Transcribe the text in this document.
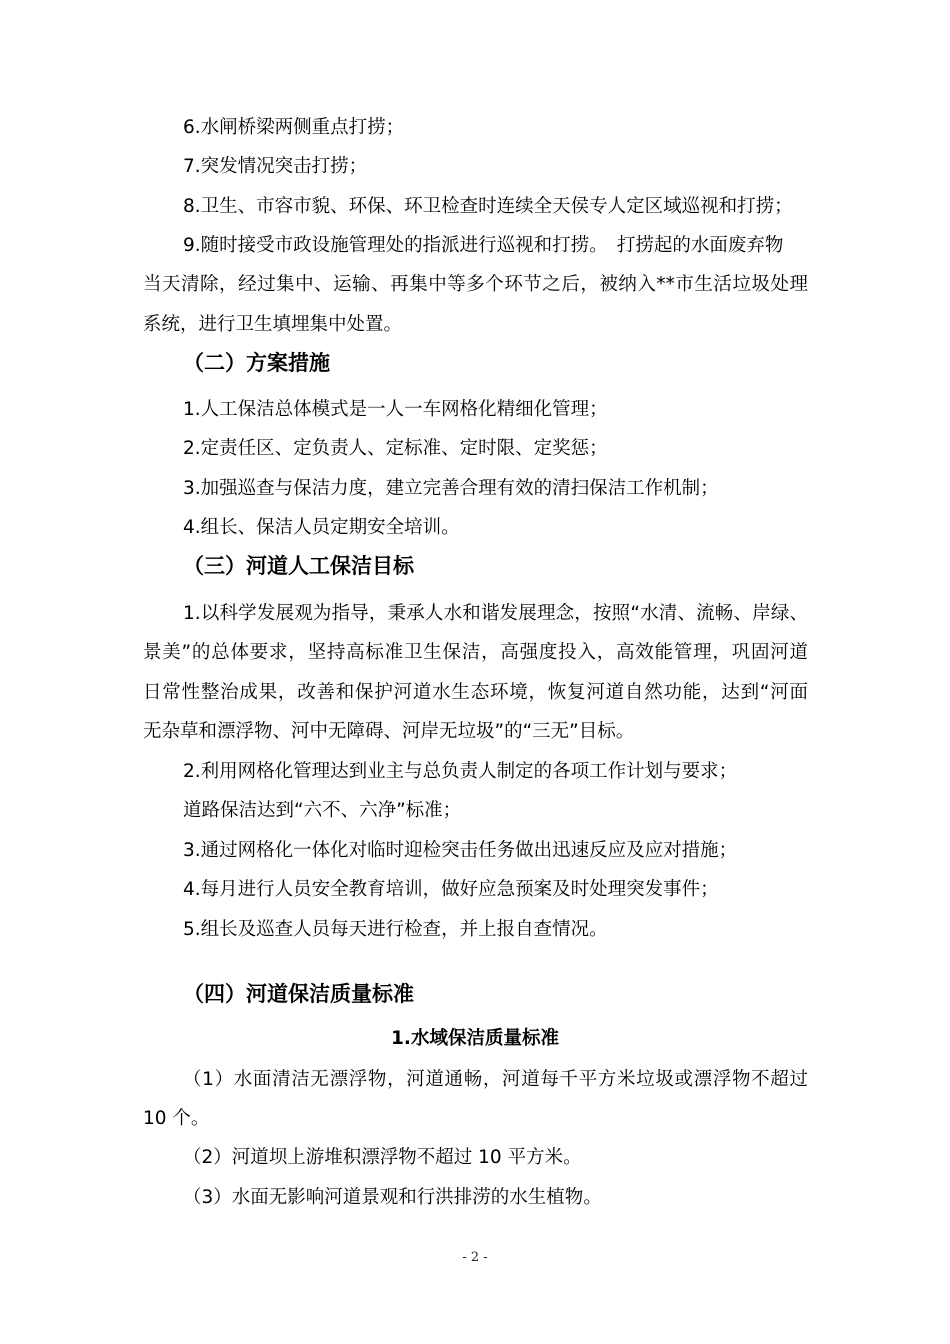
6.水闸桥梁两侧重点打捞；
7.突发情况突击打捞；
8.卫生、市容市貌、环保、环卫检查时连续全天侯专人定区域巡视和打捞；
9.随时接受市政设施管理处的指派进行巡视和打捞。　打捞起的水面废弃物
当天清除，经过集中、运输、再集中等多个环节之后，被纳入**市生活垃圾处理
系统，进行卫生填埋集中处置。
（二）方案措施
1.人工保洁总体模式是一人一车网格化精细化管理；
2.定责任区、定负责人、定标准、定时限、定奖惩；
3.加强巡查与保洁力度，建立完善合理有效的清扫保洁工作机制；
4.组长、保洁人员定期安全培训。
（三）河道人工保洁目标
1.以科学发展观为指导，秉承人水和谐发展理念，按照“水清、流畅、岸绿、
景美”的总体要求，坚持高标准卫生保洁，高强度投入，高效能管理，巩固河道
日常性整治成果，改善和保护河道水生态环境，恢复河道自然功能，达到“河面
无杂草和漂浮物、河中无障碍、河岸无垃圾”的“三无”目标。
2.利用网格化管理达到业主与总负责人制定的各项工作计划与要求；
道路保洁达到“六不、六净”标准；
3.通过网格化一体化对临时迎检突击任务做出迅速反应及应对措施；
4.每月进行人员安全教育培训，做好应急预案及时处理突发事件；
5.组长及巡查人员每天进行检查，并上报自查情况。
（四）河道保洁质量标准
1.水域保洁质量标准
（1）水面清洁无漂浮物，河道通畅，河道每千平方米垃圾或漂浮物不超过
10 个。
（2）河道坝上游堆积漂浮物不超过 10 平方米。
（3）水面无影响河道景观和行洪排涝的水生植物。
- 2 -
